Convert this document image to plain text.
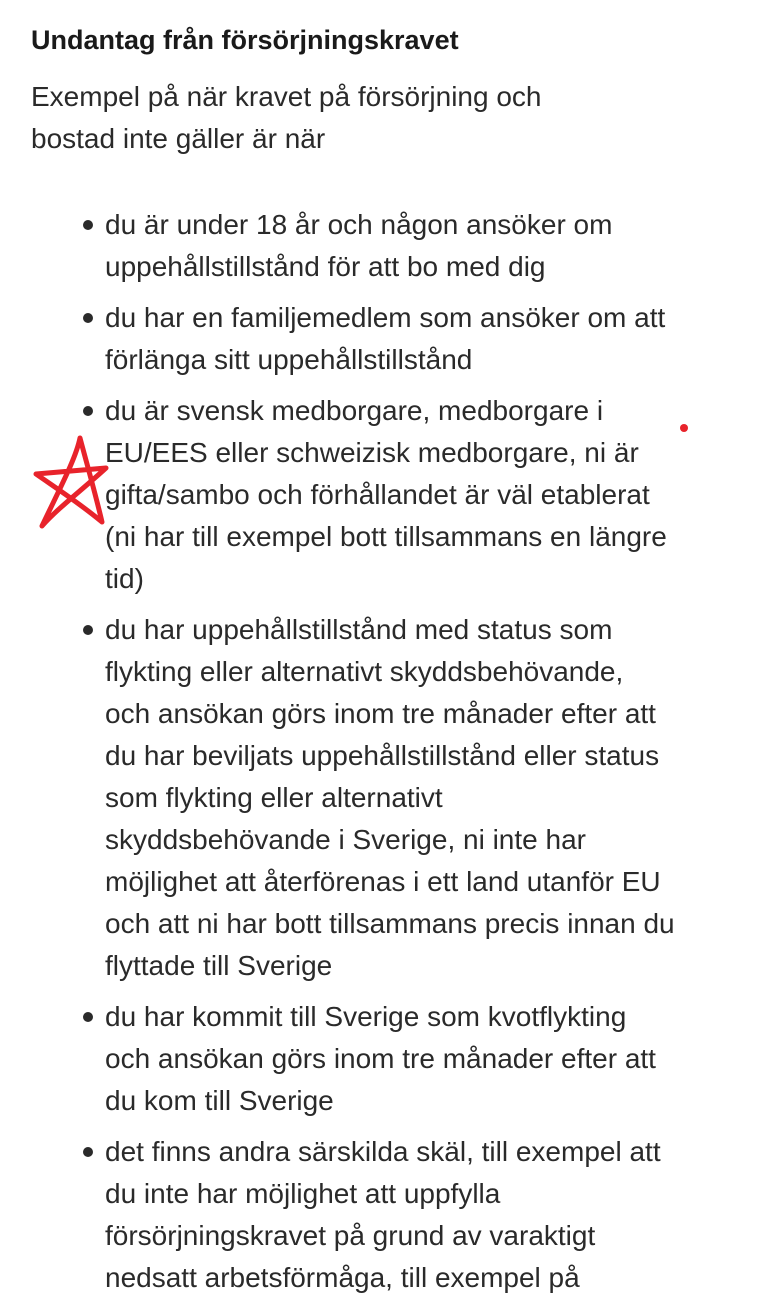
Undantag från försörjningskravet

Exempel på när kravet på försörjning och bostad inte gäller är när

du är under 18 år och någon ansöker om uppehållstillstånd för att bo med dig
du har en familjemedlem som ansöker om att förlänga sitt uppehållstillstånd
du är svensk medborgare, medborgare i EU/EES eller schweizisk medborgare, ni är gifta/sambo och förhållandet är väl etablerat (ni har till exempel bott tillsammans en längre tid)
du har uppehållstillstånd med status som flykting eller alternativt skyddsbehövande, och ansökan görs inom tre månader efter att du har beviljats uppehållstillstånd eller status som flykting eller alternativt skyddsbehövande i Sverige, ni inte har möjlighet att återförenas i ett land utanför EU och att ni har bott tillsammans precis innan du flyttade till Sverige
du har kommit till Sverige som kvotflykting och ansökan görs inom tre månader efter att du kom till Sverige
det finns andra särskilda skäl, till exempel att du inte har möjlighet att uppfylla försörjningskravet på grund av varaktigt nedsatt arbetsförmåga, till exempel på
